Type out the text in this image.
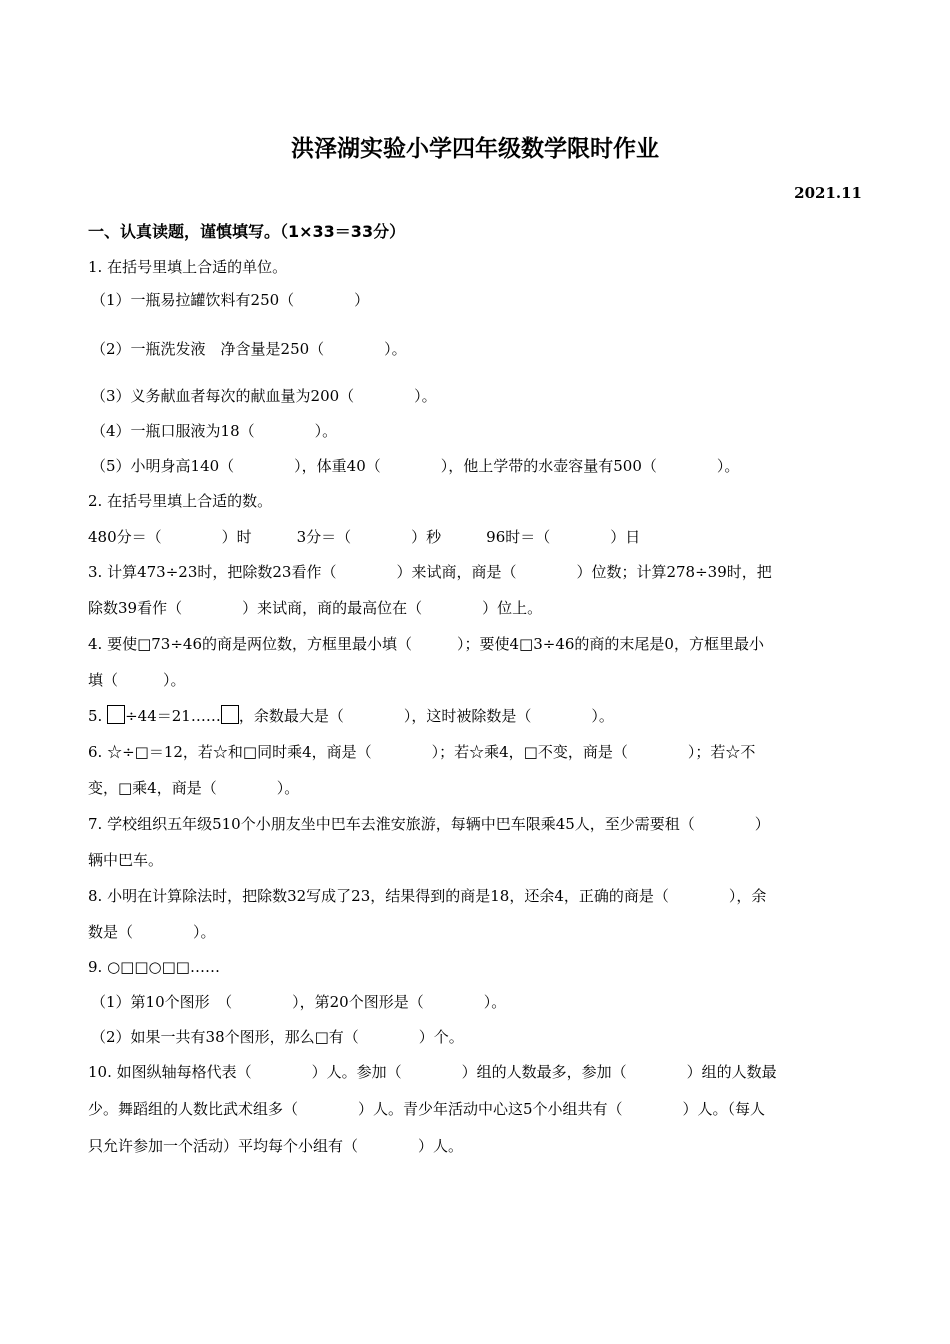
洪泽湖实验小学四年级数学限时作业
2021.11
一、认真读题，谨慎填写。（1×33＝33分）
1. 在括号里填上合适的单位。
（1）一瓶易拉罐饮料有250（　　　　）
（2）一瓶洗发液　净含量是250（　　　　）。
（3）义务献血者每次的献血量为200（　　　　）。
（4）一瓶口服液为18（　　　　）。
（5）小明身高140（　　　　），体重40（　　　　），他上学带的水壶容量有500（　　　　）。
2. 在括号里填上合适的数。
480分＝（　　　　）时　　　3分＝（　　　　）秒　　　96时＝（　　　　）日
3. 计算473÷23时，把除数23看作（　　　　）来试商，商是（　　　　）位数；计算278÷39时，把
除数39看作（　　　　）来试商，商的最高位在（　　　　）位上。
4. 要使□73÷46的商是两位数，方框里最小填（　　　）；要使4□3÷46的商的末尾是0，方框里最小
填（　　　）。
5. ÷44＝21…… ，余数最大是（　　　　），这时被除数是（　　　　）。
6. ☆÷□＝12，若☆和□同时乘4，商是（　　　　）；若☆乘4，□不变，商是（　　　　）；若☆不
变，□乘4，商是（　　　　）。
7. 学校组织五年级510个小朋友坐中巴车去淮安旅游，每辆中巴车限乘45人，至少需要租（　　　　）
辆中巴车。
8. 小明在计算除法时，把除数32写成了23，结果得到的商是18，还余4，正确的商是（　　　　），余
数是（　　　　）。
9. ○□□○□□……
（1）第10个图形　（　　　　），第20个图形是（　　　　）。
（2）如果一共有38个图形，那么□有（　　　　）个。
10. 如图纵轴每格代表（　　　　）人。参加（　　　　）组的人数最多，参加（　　　　）组的人数最
少。舞蹈组的人数比武术组多（　　　　）人。青少年活动中心这5个小组共有（　　　　）人。（每人
只允许参加一个活动）平均每个小组有（　　　　）人。
